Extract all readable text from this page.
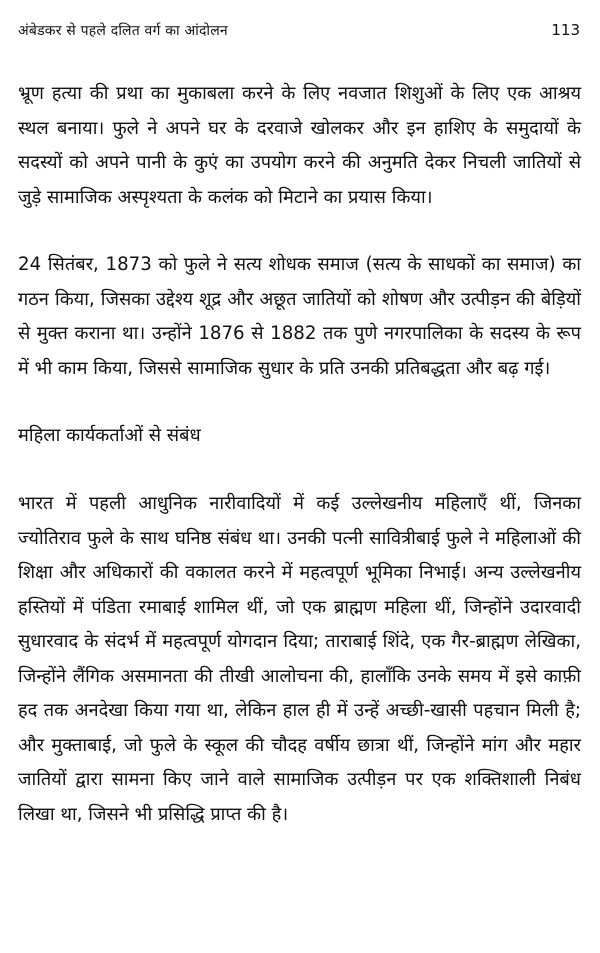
अंबेडकर से पहले दलित वर्ग का आंदोलन	113

भ्रूण हत्या की प्रथा का मुकाबला करने के लिए नवजात शिशुओं के लिए एक आश्रय स्थल बनाया। फुले ने अपने घर के दरवाजे खोलकर और इन हाशिए के समुदायों के सदस्यों को अपने पानी के कुएं का उपयोग करने की अनुमति देकर निचली जातियों से जुड़े सामाजिक अस्पृश्यता के कलंक को मिटाने का प्रयास किया।

24 सितंबर, 1873 को फुले ने सत्य शोधक समाज (सत्य के साधकों का समाज) का गठन किया, जिसका उद्देश्य शूद्र और अछूत जातियों को शोषण और उत्पीड़न की बेड़ियों से मुक्त कराना था। उन्होंने 1876 से 1882 तक पुणे नगरपालिका के सदस्य के रूप में भी काम किया, जिससे सामाजिक सुधार के प्रति उनकी प्रतिबद्धता और बढ़ गई।

महिला कार्यकर्ताओं से संबंध

भारत में पहली आधुनिक नारीवादियों में कई उल्लेखनीय महिलाएँ थीं, जिनका ज्योतिराव फुले के साथ घनिष्ठ संबंध था। उनकी पत्नी सावित्रीबाई फुले ने महिलाओं की शिक्षा और अधिकारों की वकालत करने में महत्वपूर्ण भूमिका निभाई। अन्य उल्लेखनीय हस्तियों में पंडिता रमाबाई शामिल थीं, जो एक ब्राह्मण महिला थीं, जिन्होंने उदारवादी सुधारवाद के संदर्भ में महत्वपूर्ण योगदान दिया; ताराबाई शिंदे, एक गैर-ब्राह्मण लेखिका, जिन्होंने लैंगिक असमानता की तीखी आलोचना की, हालाँकि उनके समय में इसे काफ़ी हद तक अनदेखा किया गया था, लेकिन हाल ही में उन्हें अच्छी-खासी पहचान मिली है; और मुक्ताबाई, जो फुले के स्कूल की चौदह वर्षीय छात्रा थीं, जिन्होंने मांग और महार जातियों द्वारा सामना किए जाने वाले सामाजिक उत्पीड़न पर एक शक्तिशाली निबंध लिखा था, जिसने भी प्रसिद्धि प्राप्त की है।
